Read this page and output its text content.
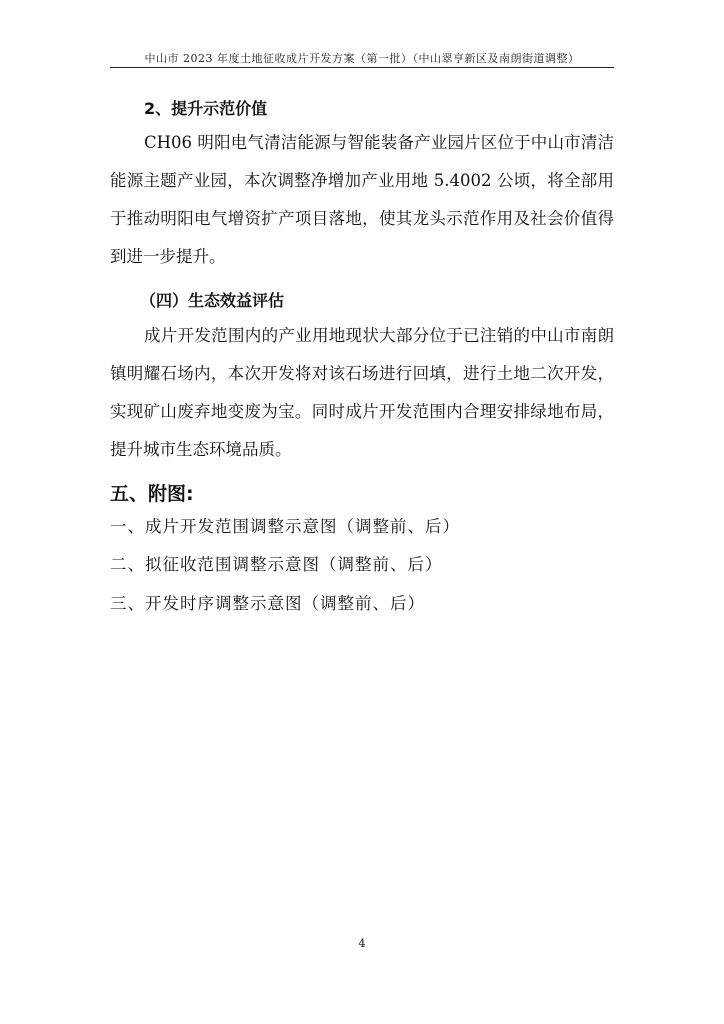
中山市 2023 年度土地征收成片开发方案（第一批）（中山翠亨新区及南朗街道调整）
2、提升示范价值

CH06 明阳电气清洁能源与智能装备产业园片区位于中山市清洁能源主题产业园，本次调整净增加产业用地 5.4002 公顷，将全部用于推动明阳电气增资扩产项目落地，使其龙头示范作用及社会价值得到进一步提升。

（四）生态效益评估

成片开发范围内的产业用地现状大部分位于已注销的中山市南朗镇明耀石场内，本次开发将对该石场进行回填，进行土地二次开发，实现矿山废弃地变废为宝。同时成片开发范围内合理安排绿地布局，提升城市生态环境品质。

五、附图:
一、成片开发范围调整示意图（调整前、后）
二、拟征收范围调整示意图（调整前、后）
三、开发时序调整示意图（调整前、后）
4
